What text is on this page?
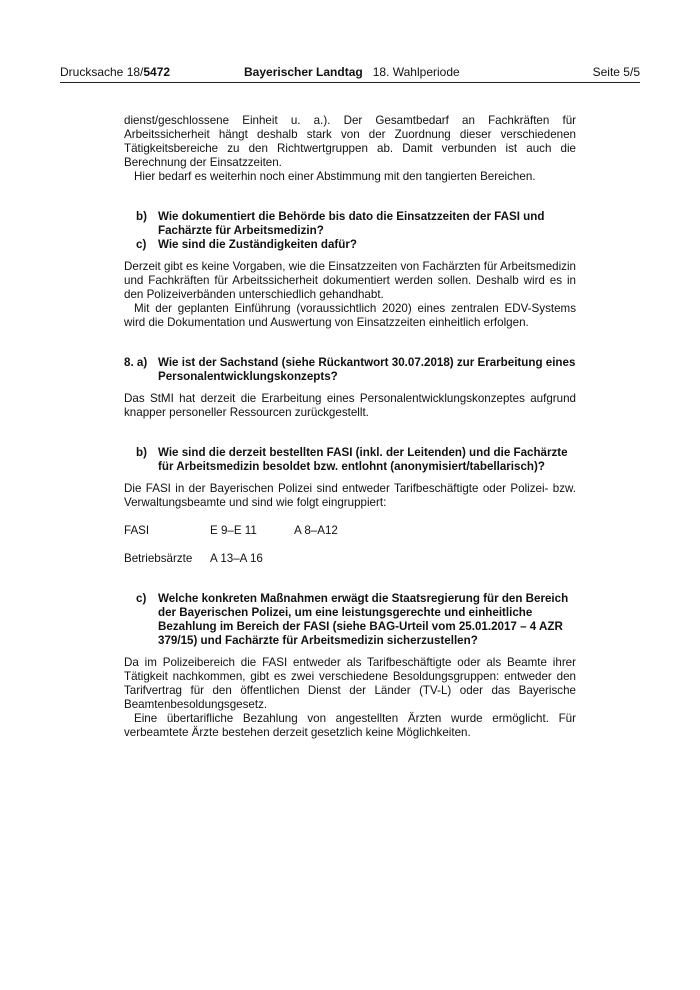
Drucksache 18/5472	Bayerischer Landtag 18. Wahlperiode	Seite 5/5

dienst/geschlossene Einheit u. a.). Der Gesamtbedarf an Fachkräften für Arbeitssicherheit hängt deshalb stark von der Zuordnung dieser verschiedenen Tätigkeitsbereiche zu den Richtwertgruppen ab. Damit verbunden ist auch die Berechnung der Einsatzzeiten.

Hier bedarf es weiterhin noch einer Abstimmung mit den tangierten Bereichen.

b) Wie dokumentiert die Behörde bis dato die Einsatzzeiten der FASI und Fachärzte für Arbeitsmedizin?
c)	Wie sind die Zuständigkeiten dafür?

Derzeit gibt es keine Vorgaben, wie die Einsatzzeiten von Fachärzten für Arbeitsmedizin und Fachkräften für Arbeitssicherheit dokumentiert werden sollen. Deshalb wird es in den Polizeiverbänden unterschiedlich gehandhabt.

Mit der geplanten Einführung (voraussichtlich 2020) eines zentralen EDV-Systems wird die Dokumentation und Auswertung von Einsatzzeiten einheitlich erfolgen.

8. a) Wie ist der Sachstand (siehe Rückantwort 30.07.2018) zur Erarbeitung eines Personalentwicklungskonzepts?

Das StMI hat derzeit die Erarbeitung eines Personalentwicklungskonzeptes aufgrund knapper personeller Ressourcen zurückgestellt.

b) Wie sind die derzeit bestellten FASI (inkl. der Leitenden) und die Fachärzte für Arbeitsmedizin besoldet bzw. entlohnt (anonymisiert/tabellarisch)?

Die FASI in der Bayerischen Polizei sind entweder Tarifbeschäftigte oder Polizei- bzw. Verwaltungsbeamte und sind wie folgt eingruppiert:

FASI	E 9–E 11	A 8–A12
Betriebsärzte	A 13–A 16
c)	Welche konkreten Maßnahmen erwägt die Staatsregierung für den Bereich der Bayerischen Polizei, um eine leistungsgerechte und einheitliche Bezahlung im Bereich der FASI (siehe BAG-Urteil vom 25.01.2017 – 4 AZR 379/15) und Fachärzte für Arbeitsmedizin sicherzustellen?

Da im Polizeibereich die FASI entweder als Tarifbeschäftigte oder als Beamte ihrer Tätigkeit nachkommen, gibt es zwei verschiedene Besoldungsgruppen: entweder den Tarifvertrag für den öffentlichen Dienst der Länder (TV-L) oder das Bayerische Beamtenbesoldungsgesetz.

Eine übertarifliche Bezahlung von angestellten Ärzten wurde ermöglicht. Für verbeamtete Ärzte bestehen derzeit gesetzlich keine Möglichkeiten.
